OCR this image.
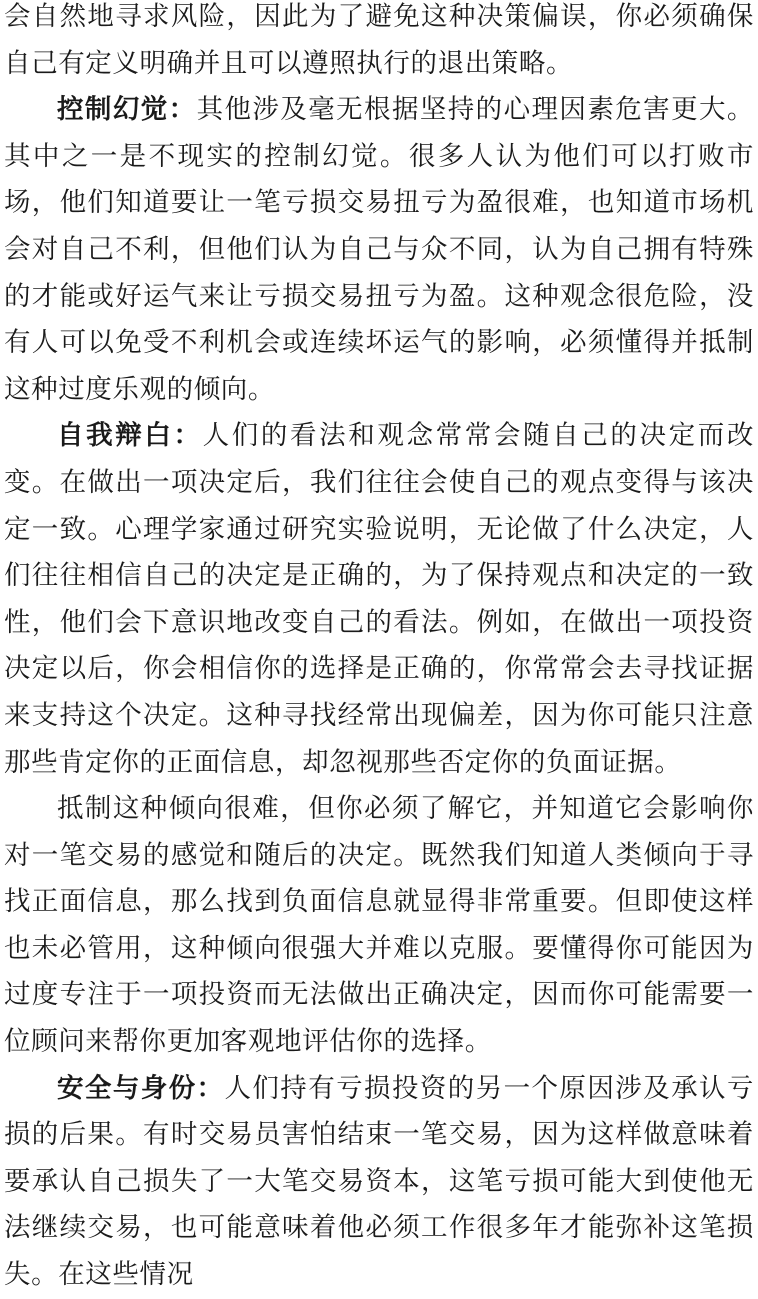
会自然地寻求风险，因此为了避免这种决策偏误，你必须确保自己有定义明确并且可以遵照执行的退出策略。

控制幻觉：其他涉及毫无根据坚持的心理因素危害更大。其中之一是不现实的控制幻觉。很多人认为他们可以打败市场，他们知道要让一笔亏损交易扭亏为盈很难，也知道市场机会对自己不利，但他们认为自己与众不同，认为自己拥有特殊的才能或好运气来让亏损交易扭亏为盈。这种观念很危险，没有人可以免受不利机会或连续坏运气的影响，必须懂得并抵制这种过度乐观的倾向。

自我辩白：人们的看法和观念常常会随自己的决定而改变。在做出一项决定后，我们往往会使自己的观点变得与该决定一致。心理学家通过研究实验说明，无论做了什么决定，人们往往相信自己的决定是正确的，为了保持观点和决定的一致性，他们会下意识地改变自己的看法。例如，在做出一项投资决定以后，你会相信你的选择是正确的，你常常会去寻找证据来支持这个决定。这种寻找经常出现偏差，因为你可能只注意那些肯定你的正面信息，却忽视那些否定你的负面证据。

抵制这种倾向很难，但你必须了解它，并知道它会影响你对一笔交易的感觉和随后的决定。既然我们知道人类倾向于寻找正面信息，那么找到负面信息就显得非常重要。但即使这样也未必管用，这种倾向很强大并难以克服。要懂得你可能因为过度专注于一项投资而无法做出正确决定，因而你可能需要一位顾问来帮你更加客观地评估你的选择。

安全与身份：人们持有亏损投资的另一个原因涉及承认亏损的后果。有时交易员害怕结束一笔交易，因为这样做意味着要承认自己损失了一大笔交易资本，这笔亏损可能大到使他无法继续交易，也可能意味着他必须工作很多年才能弥补这笔损失。在这些情况
